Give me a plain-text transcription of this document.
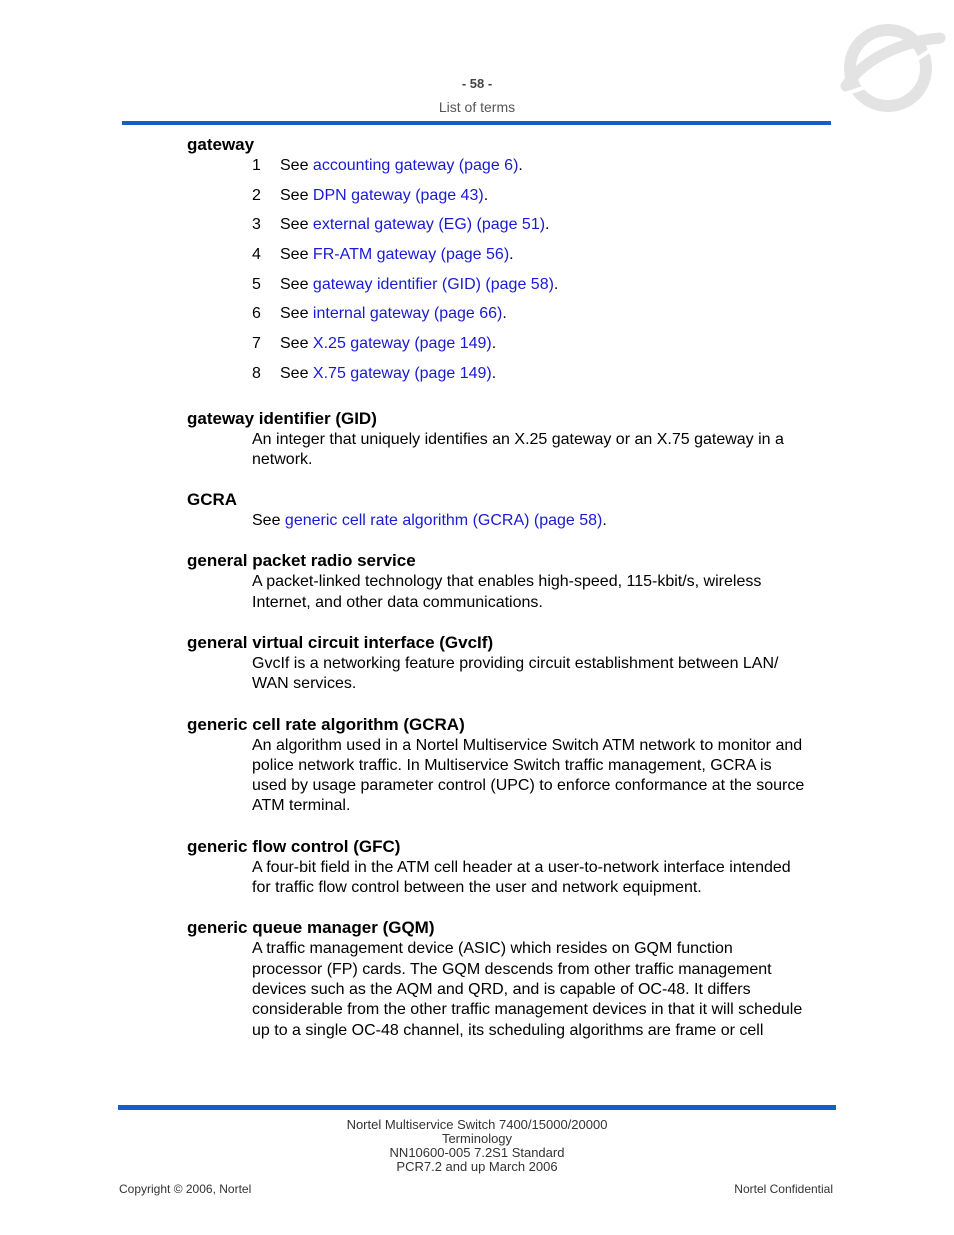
- 58 -
List of terms
gateway
1	See accounting gateway (page 6).
2	See DPN gateway (page 43).
3	See external gateway (EG) (page 51).
4	See FR-ATM gateway (page 56).
5	See gateway identifier (GID) (page 58).
6	See internal gateway (page 66).
7	See X.25 gateway (page 149).
8	See X.75 gateway (page 149).
gateway identifier (GID)
An integer that uniquely identifies an X.25 gateway or an X.75 gateway in a
network.
GCRA
See generic cell rate algorithm (GCRA) (page 58).
general packet radio service
A packet-linked technology that enables high-speed, 115-kbit/s, wireless
Internet, and other data communications.
general virtual circuit interface (GvcIf)
GvcIf is a networking feature providing circuit establishment between LAN/
WAN services.
generic cell rate algorithm (GCRA)
An algorithm used in a Nortel Multiservice Switch ATM network to monitor and
police network traffic. In Multiservice Switch traffic management, GCRA is
used by usage parameter control (UPC) to enforce conformance at the source
ATM terminal.
generic flow control (GFC)
A four-bit field in the ATM cell header at a user-to-network interface intended
for traffic flow control between the user and network equipment.
generic queue manager (GQM)
A traffic management device (ASIC) which resides on GQM function
processor (FP) cards. The GQM descends from other traffic management
devices such as the AQM and QRD, and is capable of OC-48. It differs
considerable from the other traffic management devices in that it will schedule
up to a single OC-48 channel, its scheduling algorithms are frame or cell
Nortel Multiservice Switch 7400/15000/20000
Terminology
NN10600-005 7.2S1 Standard
PCR7.2 and up March 2006
Copyright © 2006, Nortel	Nortel Confidential
